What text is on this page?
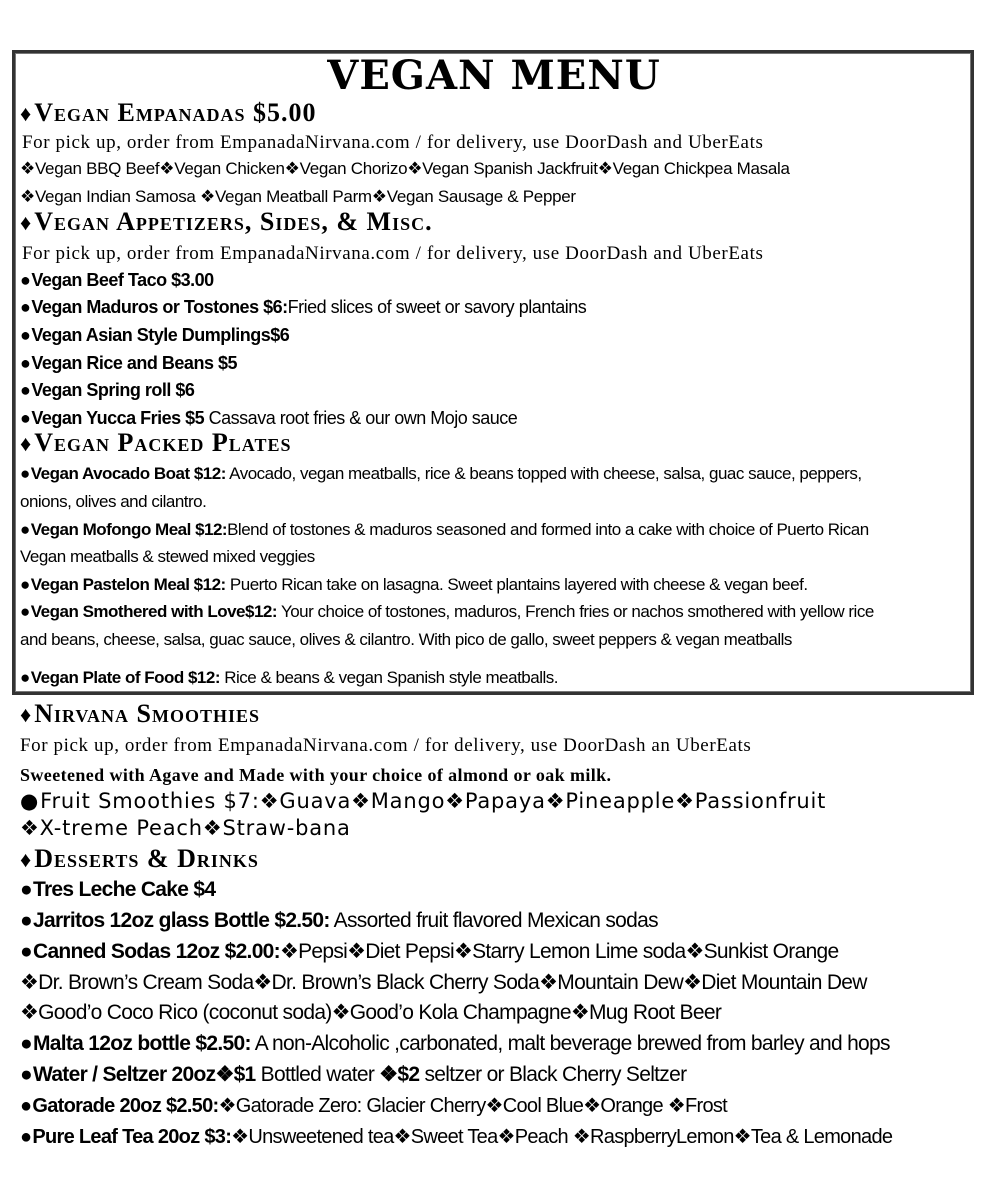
VEGAN MENU
♦Vegan Empanadas $5.00
For pick up, order from EmpanadaNirvana.com / for delivery, use DoorDash and UberEats
❖Vegan BBQ Beef❖Vegan Chicken❖Vegan Chorizo❖Vegan Spanish Jackfruit❖Vegan Chickpea Masala
❖Vegan Indian Samosa ❖Vegan Meatball Parm❖Vegan Sausage & Pepper
♦Vegan Appetizers, Sides, & Misc.
For pick up, order from EmpanadaNirvana.com / for delivery, use DoorDash and UberEats
●Vegan Beef Taco $3.00
●Vegan Maduros or Tostones $6:Fried slices of sweet or savory plantains
●Vegan Asian Style Dumplings$6
●Vegan Rice and Beans $5
●Vegan Spring roll $6
●Vegan Yucca Fries $5 Cassava root fries & our own Mojo sauce
♦Vegan Packed Plates
●Vegan Avocado Boat $12: Avocado, vegan meatballs, rice & beans topped with cheese, salsa, guac sauce, peppers,
onions, olives and cilantro.
●Vegan Mofongo Meal $12:Blend of tostones & maduros seasoned and formed into a cake with choice of Puerto Rican
Vegan meatballs & stewed mixed veggies
●Vegan Pastelon Meal $12: Puerto Rican take on lasagna. Sweet plantains layered with cheese & vegan beef.
●Vegan Smothered with Love$12: Your choice of tostones, maduros, French fries or nachos smothered with yellow rice
and beans, cheese, salsa, guac sauce, olives & cilantro. With pico de gallo, sweet peppers & vegan meatballs
●Vegan Plate of Food $12: Rice & beans & vegan Spanish style meatballs.
♦Nirvana Smoothies
For pick up, order from EmpanadaNirvana.com / for delivery, use DoorDash an UberEats
Sweetened with Agave and Made with your choice of almond or oak milk.
●Fruit Smoothies $7:❖Guava❖Mango❖Papaya❖Pineapple❖Passionfruit
❖X-treme Peach❖Straw-bana
♦Desserts & Drinks
●Tres Leche Cake $4
●Jarritos 12oz glass Bottle $2.50: Assorted fruit flavored Mexican sodas
●Canned Sodas 12oz $2.00:❖Pepsi❖Diet Pepsi❖Starry Lemon Lime soda❖Sunkist Orange
❖Dr. Brown’s Cream Soda❖Dr. Brown’s Black Cherry Soda❖Mountain Dew❖Diet Mountain Dew
❖Good’o Coco Rico (coconut soda)❖Good’o Kola Champagne❖Mug Root Beer
●Malta 12oz bottle $2.50: A non-Alcoholic ,carbonated, malt beverage brewed from barley and hops
●Water / Seltzer 20oz❖$1 Bottled water ❖$2 seltzer or Black Cherry Seltzer
●Gatorade 20oz $2.50:❖Gatorade Zero: Glacier Cherry❖Cool Blue❖Orange ❖Frost
●Pure Leaf Tea 20oz $3:❖Unsweetened tea❖Sweet Tea❖Peach ❖RaspberryLemon❖Tea & Lemonade
